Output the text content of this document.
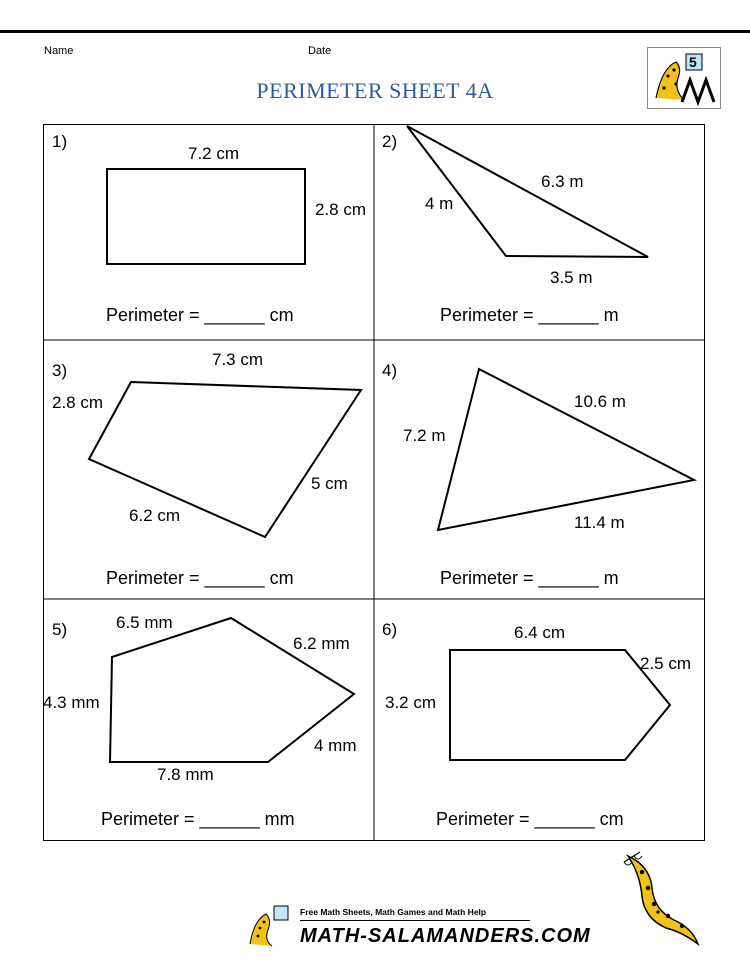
Name	Date
PERIMETER SHEET 4A
5
1)
7.2 cm
2.8 cm
Perimeter = ______ cm
2)
6.3 m
4 m
3.5 m
Perimeter = ______ m
3)
7.3 cm
2.8 cm
5 cm
6.2 cm
Perimeter = ______ cm
4)
10.6 m
7.2 m
11.4 m
Perimeter = ______ m
5)	6.5 mm
6.2 mm
4.3 mm
4 mm
7.8 mm
Perimeter = ______ mm
6)	6.4 cm
2.5 cm
3.2 cm
Perimeter = ______ cm
Free Math Sheets, Math Games and Math Help
MATH-SALAMANDERS.COM
